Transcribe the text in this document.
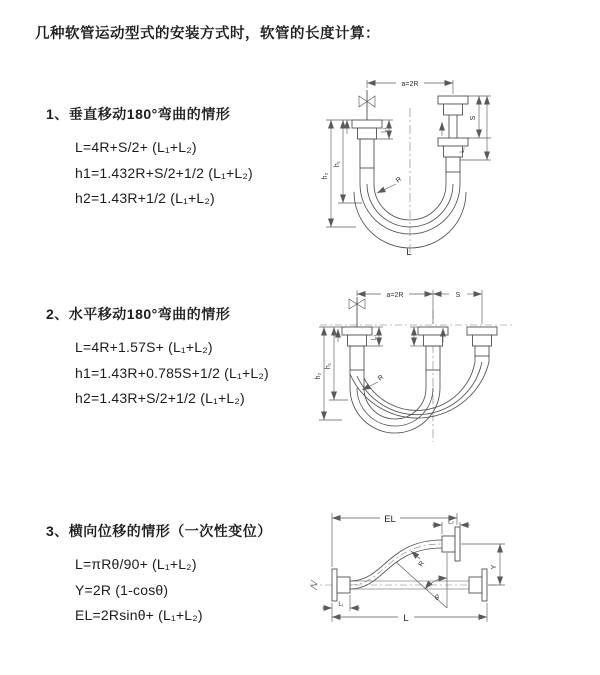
几种软管运动型式的安装方式时，软管的长度计算：
1、垂直移动180°弯曲的情形
L=4R+S/2+ (L₁+L₂)
h1=1.432R+S/2+1/2 (L₁+L₂)
h2=1.43R+1/2 (L₁+L₂)
2、水平移动180°弯曲的情形
L=4R+1.57S+ (L₁+L₂)
h1=1.43R+0.785S+1/2 (L₁+L₂)
h2=1.43R+S/2+1/2 (L₁+L₂)
3、横向位移的情形（一次性变位）
L=πRθ/90+ (L₁+L₂)
Y=2R (1-cosθ)
EL=2Rsinθ+ (L₁+L₂)
a=2R
h₂
h₁
L₁
S
L₁
R
L
a=2R	S
h₂
h₁
L₁
R
θ
R
EL	L₂
Y
L₁
L
